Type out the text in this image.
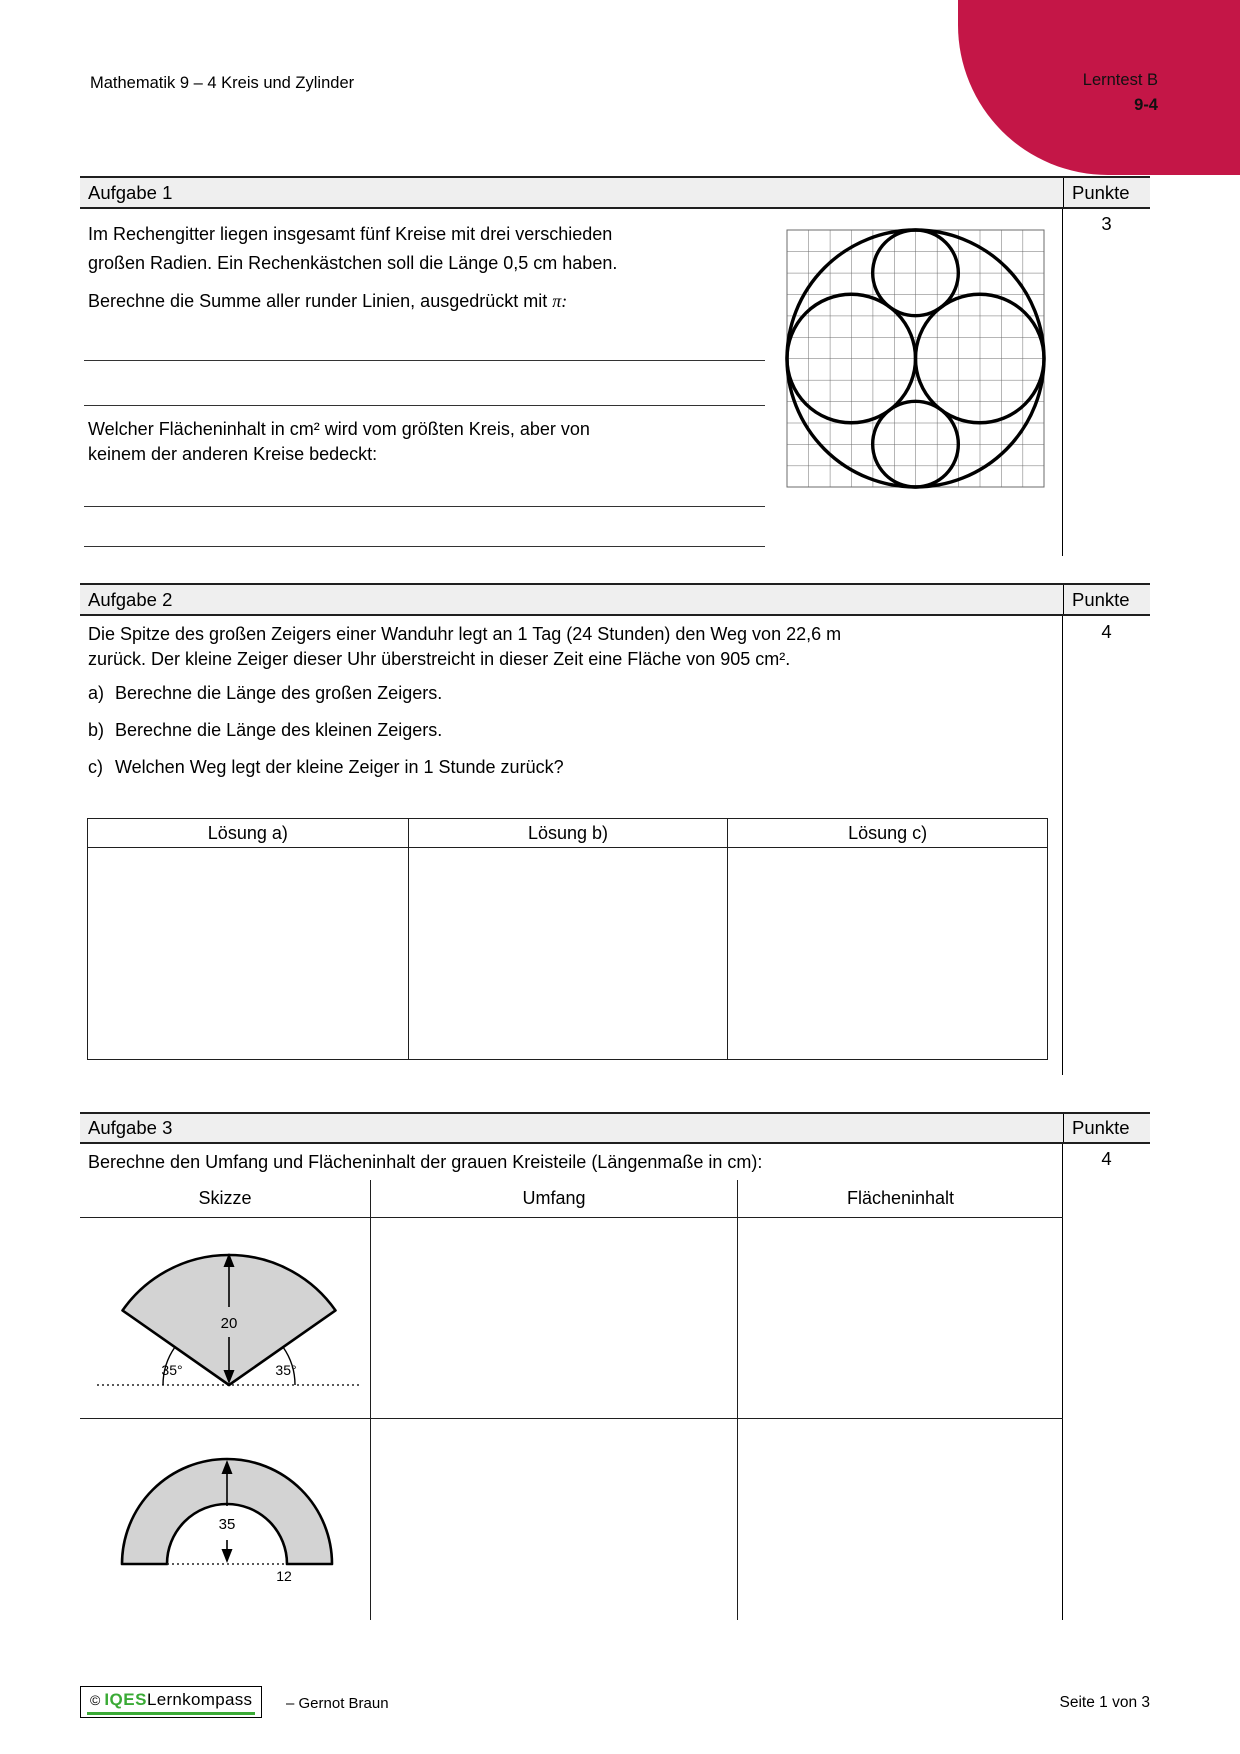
Lerntest B
9-4
Mathematik 9 – 4 Kreis und Zylinder
Aufgabe 1	Punkte
3
Im Rechengitter liegen insgesamt fünf Kreise mit drei verschieden
großen Radien. Ein Rechenkästchen soll die Länge 0,5 cm haben.
Berechne die Summe aller runder Linien, ausgedrückt mit π:
Welcher Flächeninhalt in cm² wird vom größten Kreis, aber von
keinem der anderen Kreise bedeckt:
Aufgabe 2	Punkte
4
Die Spitze des großen Zeigers einer Wanduhr legt an 1 Tag (24 Stunden) den Weg von 22,6 m
zurück. Der kleine Zeiger dieser Uhr überstreicht in dieser Zeit eine Fläche von 905 cm².
a) Berechne die Länge des großen Zeigers.
b) Berechne die Länge des kleinen Zeigers.
c) Welchen Weg legt der kleine Zeiger in 1 Stunde zurück?
Lösung a)	Lösung b)	Lösung c)
Aufgabe 3	Punkte
4
Berechne den Umfang und Flächeninhalt der grauen Kreisteile (Längenmaße in cm):
Skizze	Umfang	Flächeninhalt
20
35°	35°
35
12
© IQES Lernkompass – Gernot Braun	Seite 1 von 3
